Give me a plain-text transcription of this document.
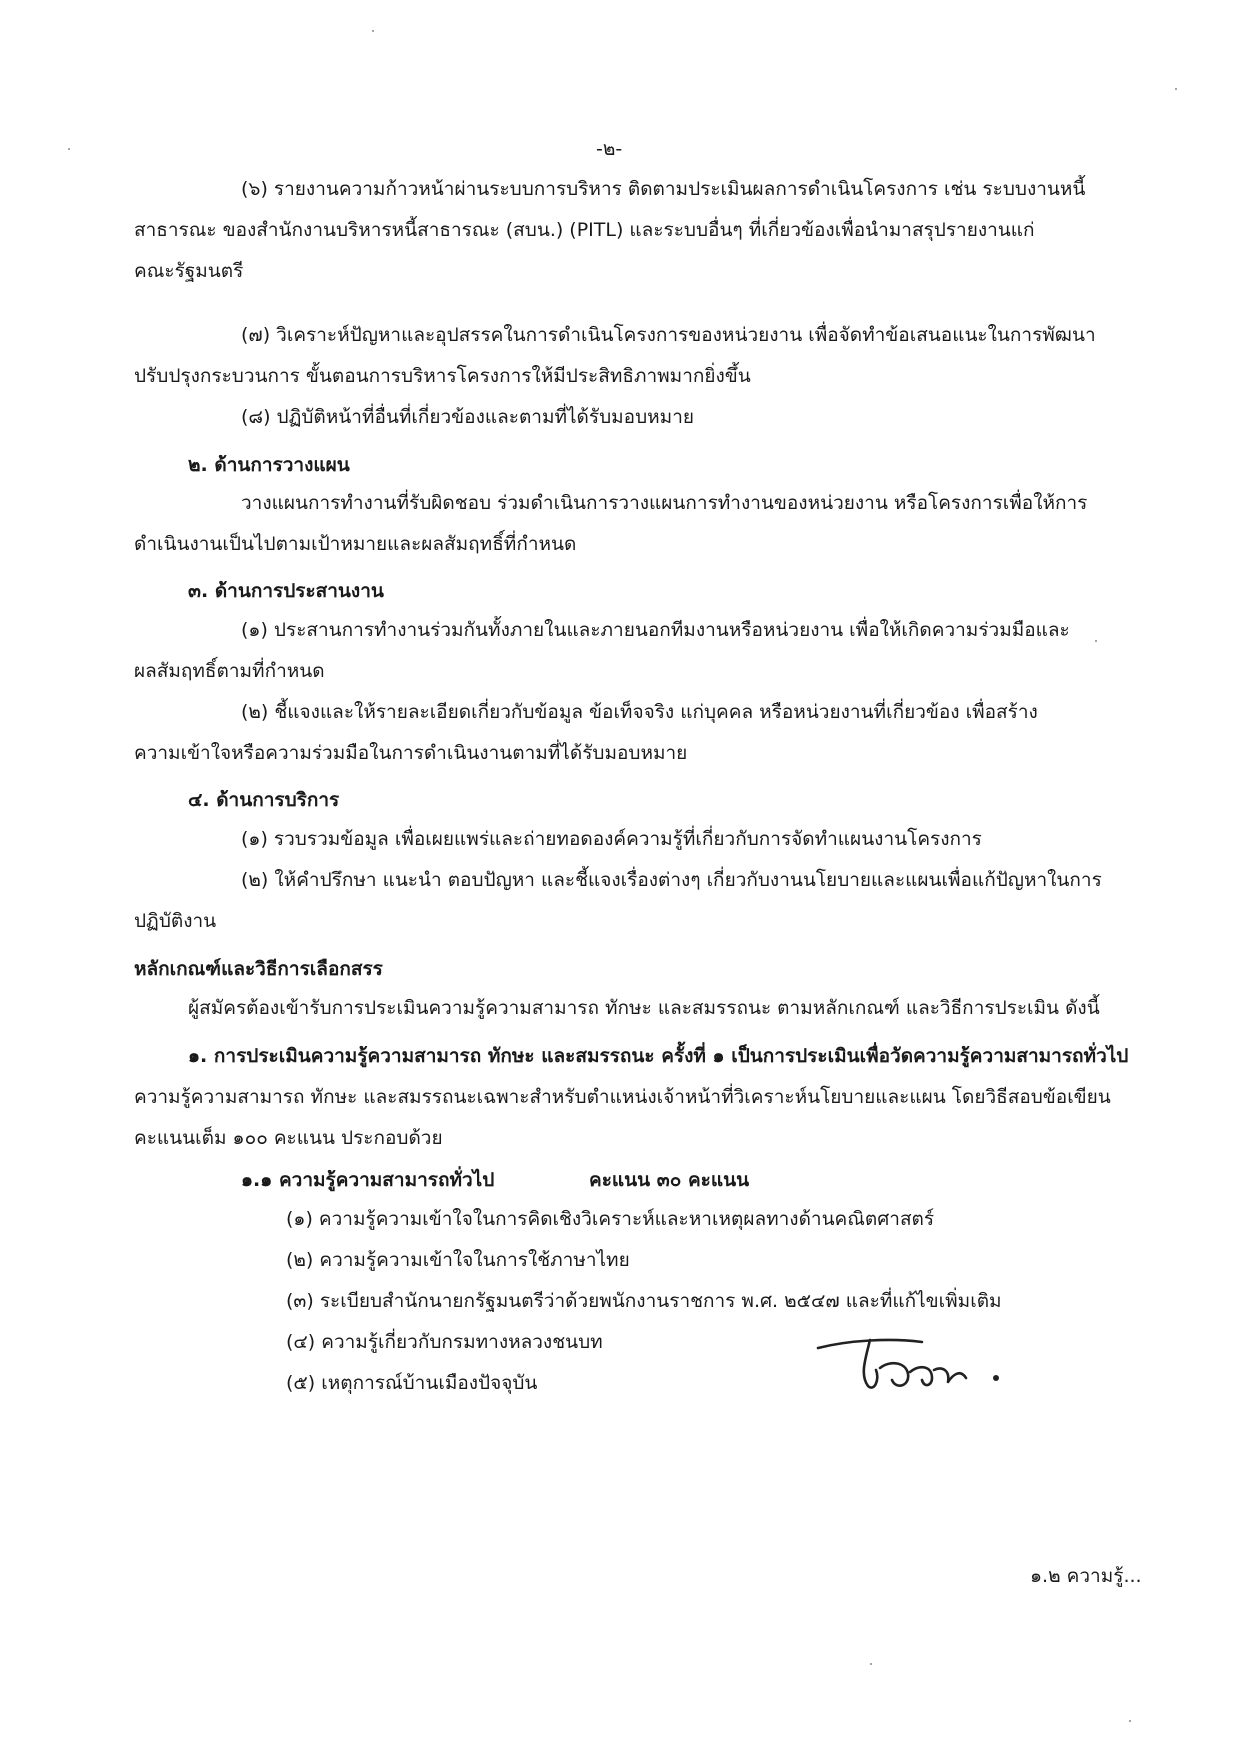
-๒-
(๖) รายงานความก้าวหน้าผ่านระบบการบริหาร ติดตามประเมินผลการดำเนินโครงการ เช่น ระบบงานหนี้
สาธารณะ ของสำนักงานบริหารหนี้สาธารณะ (สบน.) (PITL) และระบบอื่นๆ ที่เกี่ยวข้องเพื่อนำมาสรุปรายงานแก่
คณะรัฐมนตรี
(๗) วิเคราะห์ปัญหาและอุปสรรคในการดำเนินโครงการของหน่วยงาน เพื่อจัดทำข้อเสนอแนะในการพัฒนา
ปรับปรุงกระบวนการ ขั้นตอนการบริหารโครงการให้มีประสิทธิภาพมากยิ่งขึ้น
(๘) ปฏิบัติหน้าที่อื่นที่เกี่ยวข้องและตามที่ได้รับมอบหมาย
๒. ด้านการวางแผน
วางแผนการทำงานที่รับผิดชอบ ร่วมดำเนินการวางแผนการทำงานของหน่วยงาน หรือโครงการเพื่อให้การ
ดำเนินงานเป็นไปตามเป้าหมายและผลสัมฤทธิ์ที่กำหนด
๓. ด้านการประสานงาน
(๑) ประสานการทำงานร่วมกันทั้งภายในและภายนอกทีมงานหรือหน่วยงาน เพื่อให้เกิดความร่วมมือและ
ผลสัมฤทธิ์ตามที่กำหนด
(๒) ชี้แจงและให้รายละเอียดเกี่ยวกับข้อมูล ข้อเท็จจริง แก่บุคคล หรือหน่วยงานที่เกี่ยวข้อง เพื่อสร้าง
ความเข้าใจหรือความร่วมมือในการดำเนินงานตามที่ได้รับมอบหมาย
๔. ด้านการบริการ
(๑) รวบรวมข้อมูล เพื่อเผยแพร่และถ่ายทอดองค์ความรู้ที่เกี่ยวกับการจัดทำแผนงานโครงการ
(๒) ให้คำปรึกษา แนะนำ ตอบปัญหา และชี้แจงเรื่องต่างๆ เกี่ยวกับงานนโยบายและแผนเพื่อแก้ปัญหาในการ
ปฏิบัติงาน
หลักเกณฑ์และวิธีการเลือกสรร
ผู้สมัครต้องเข้ารับการประเมินความรู้ความสามารถ ทักษะ และสมรรถนะ ตามหลักเกณฑ์ และวิธีการประเมิน ดังนี้
๑. การประเมินความรู้ความสามารถ ทักษะ และสมรรถนะ ครั้งที่ ๑ เป็นการประเมินเพื่อวัดความรู้ความสามารถทั่วไป
ความรู้ความสามารถ ทักษะ และสมรรถนะเฉพาะสำหรับตำแหน่งเจ้าหน้าที่วิเคราะห์นโยบายและแผน โดยวิธีสอบข้อเขียน
คะแนนเต็ม ๑๐๐ คะแนน ประกอบด้วย
๑.๑ ความรู้ความสามารถทั่วไป	คะแนน ๓๐ คะแนน
(๑) ความรู้ความเข้าใจในการคิดเชิงวิเคราะห์และหาเหตุผลทางด้านคณิตศาสตร์
(๒) ความรู้ความเข้าใจในการใช้ภาษาไทย
(๓) ระเบียบสำนักนายกรัฐมนตรีว่าด้วยพนักงานราชการ พ.ศ. ๒๕๔๗ และที่แก้ไขเพิ่มเติม
(๔) ความรู้เกี่ยวกับกรมทางหลวงชนบท
(๕) เหตุการณ์บ้านเมืองปัจจุบัน
๑.๒ ความรู้...
